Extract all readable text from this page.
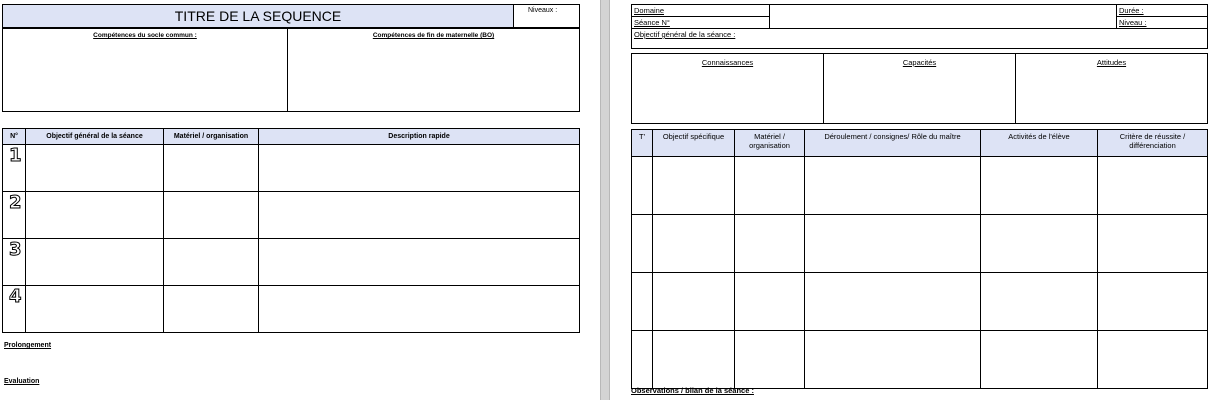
TITRE DE LA SEQUENCE	Niveaux :
Compétences du socle commun :	Compétences de fin de maternelle (BO)
N°	Objectif général de la séance	Matériel / organisation	Description rapide
1			
2			
3			
4			
Prolongement
Evaluation
Domaine		Durée :
Séance N°		Niveau :
Objectif général de la séance :		
Connaissances	Capacités	Attitudes
T'	Objectif spécifique	Matériel / organisation	Déroulement / consignes/ Rôle du maître	Activités de l'élève	Critère de réussite / différenciation

Observations / bilan de la séance :
